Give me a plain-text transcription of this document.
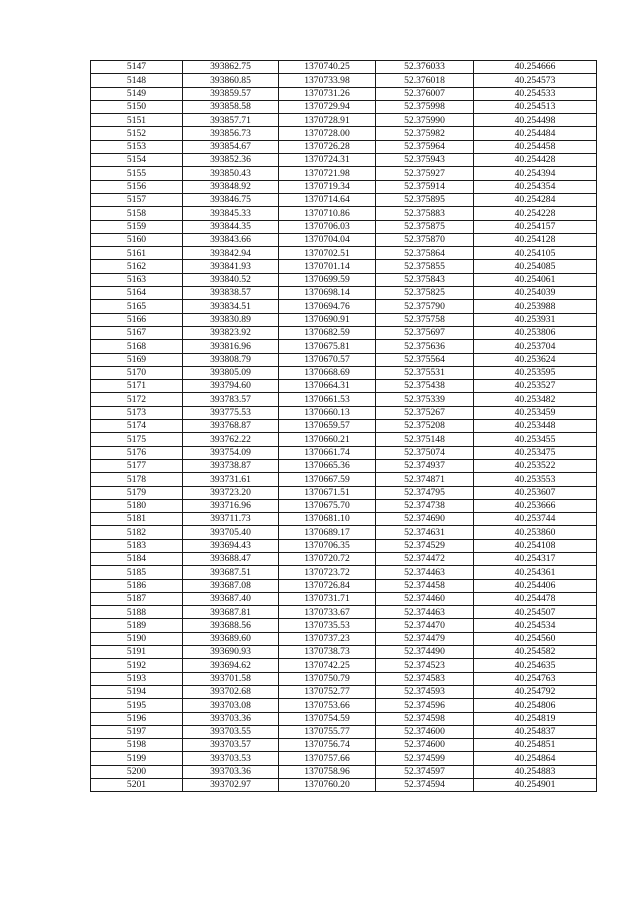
5147	393862.75	1370740.25	52.376033	40.254666
5148	393860.85	1370733.98	52.376018	40.254573
5149	393859.57	1370731.26	52.376007	40.254533
5150	393858.58	1370729.94	52.375998	40.254513
5151	393857.71	1370728.91	52.375990	40.254498
5152	393856.73	1370728.00	52.375982	40.254484
5153	393854.67	1370726.28	52.375964	40.254458
5154	393852.36	1370724.31	52.375943	40.254428
5155	393850.43	1370721.98	52.375927	40.254394
5156	393848.92	1370719.34	52.375914	40.254354
5157	393846.75	1370714.64	52.375895	40.254284
5158	393845.33	1370710.86	52.375883	40.254228
5159	393844.35	1370706.03	52.375875	40.254157
5160	393843.66	1370704.04	52.375870	40.254128
5161	393842.94	1370702.51	52.375864	40.254105
5162	393841.93	1370701.14	52.375855	40.254085
5163	393840.52	1370699.59	52.375843	40.254061
5164	393838.57	1370698.14	52.375825	40.254039
5165	393834.51	1370694.76	52.375790	40.253988
5166	393830.89	1370690.91	52.375758	40.253931
5167	393823.92	1370682.59	52.375697	40.253806
5168	393816.96	1370675.81	52.375636	40.253704
5169	393808.79	1370670.57	52.375564	40.253624
5170	393805.09	1370668.69	52.375531	40.253595
5171	393794.60	1370664.31	52.375438	40.253527
5172	393783.57	1370661.53	52.375339	40.253482
5173	393775.53	1370660.13	52.375267	40.253459
5174	393768.87	1370659.57	52.375208	40.253448
5175	393762.22	1370660.21	52.375148	40.253455
5176	393754.09	1370661.74	52.375074	40.253475
5177	393738.87	1370665.36	52.374937	40.253522
5178	393731.61	1370667.59	52.374871	40.253553
5179	393723.20	1370671.51	52.374795	40.253607
5180	393716.96	1370675.70	52.374738	40.253666
5181	393711.73	1370681.10	52.374690	40.253744
5182	393705.40	1370689.17	52.374631	40.253860
5183	393694.43	1370706.35	52.374529	40.254108
5184	393688.47	1370720.72	52.374472	40.254317
5185	393687.51	1370723.72	52.374463	40.254361
5186	393687.08	1370726.84	52.374458	40.254406
5187	393687.40	1370731.71	52.374460	40.254478
5188	393687.81	1370733.67	52.374463	40.254507
5189	393688.56	1370735.53	52.374470	40.254534
5190	393689.60	1370737.23	52.374479	40.254560
5191	393690.93	1370738.73	52.374490	40.254582
5192	393694.62	1370742.25	52.374523	40.254635
5193	393701.58	1370750.79	52.374583	40.254763
5194	393702.68	1370752.77	52.374593	40.254792
5195	393703.08	1370753.66	52.374596	40.254806
5196	393703.36	1370754.59	52.374598	40.254819
5197	393703.55	1370755.77	52.374600	40.254837
5198	393703.57	1370756.74	52.374600	40.254851
5199	393703.53	1370757.66	52.374599	40.254864
5200	393703.36	1370758.96	52.374597	40.254883
5201	393702.97	1370760.20	52.374594	40.254901
